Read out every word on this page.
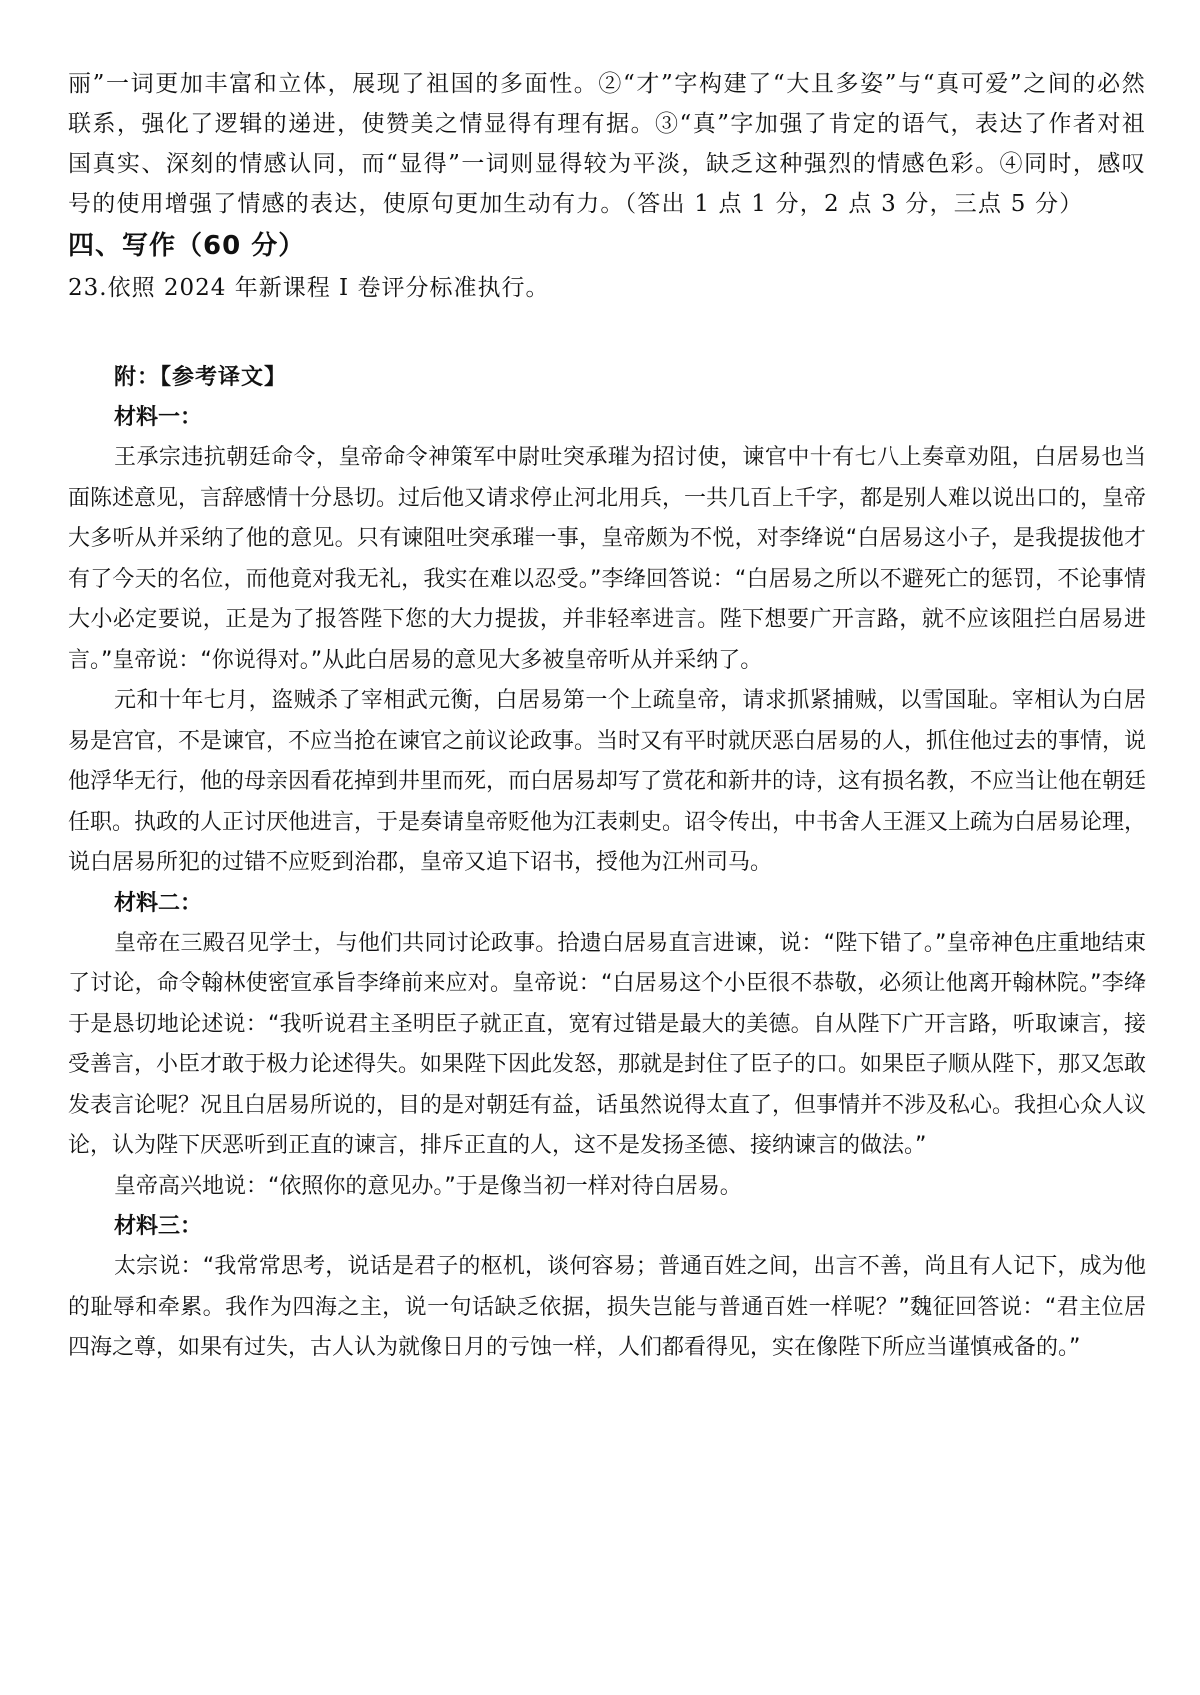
丽”一词更加丰富和立体，展现了祖国的多面性。②“才”字构建了“大且多姿”与“真可爱”之间的必然联系，强化了逻辑的递进，使赞美之情显得有理有据。③“真”字加强了肯定的语气，表达了作者对祖国真实、深刻的情感认同，而“显得”一词则显得较为平淡，缺乏这种强烈的情感色彩。④同时，感叹号的使用增强了情感的表达，使原句更加生动有力。（答出 1 点 1 分，2 点 3 分，三点 5 分）

四、写作（60 分）

23.依照 2024 年新课程 I 卷评分标准执行。

附：【参考译文】

材料一：

王承宗违抗朝廷命令，皇帝命令神策军中尉吐突承璀为招讨使，谏官中十有七八上奏章劝阻，白居易也当面陈述意见，言辞感情十分恳切。过后他又请求停止河北用兵，一共几百上千字，都是别人难以说出口的，皇帝大多听从并采纳了他的意见。只有谏阻吐突承璀一事，皇帝颇为不悦，对李绛说“白居易这小子，是我提拔他才有了今天的名位，而他竟对我无礼，我实在难以忍受。”李绛回答说：“白居易之所以不避死亡的惩罚，不论事情大小必定要说，正是为了报答陛下您的大力提拔，并非轻率进言。陛下想要广开言路，就不应该阻拦白居易进言。”皇帝说：“你说得对。”从此白居易的意见大多被皇帝听从并采纳了。

元和十年七月，盗贼杀了宰相武元衡，白居易第一个上疏皇帝，请求抓紧捕贼，以雪国耻。宰相认为白居易是宫官，不是谏官，不应当抢在谏官之前议论政事。当时又有平时就厌恶白居易的人，抓住他过去的事情，说他浮华无行，他的母亲因看花掉到井里而死，而白居易却写了赏花和新井的诗，这有损名教，不应当让他在朝廷任职。执政的人正讨厌他进言，于是奏请皇帝贬他为江表刺史。诏令传出，中书舍人王涯又上疏为白居易论理，说白居易所犯的过错不应贬到治郡，皇帝又追下诏书，授他为江州司马。

材料二：

皇帝在三殿召见学士，与他们共同讨论政事。拾遗白居易直言进谏，说：“陛下错了。”皇帝神色庄重地结束了讨论，命令翰林使密宣承旨李绛前来应对。皇帝说：“白居易这个小臣很不恭敬，必须让他离开翰林院。”李绛于是恳切地论述说：“我听说君主圣明臣子就正直，宽宥过错是最大的美德。自从陛下广开言路，听取谏言，接受善言，小臣才敢于极力论述得失。如果陛下因此发怒，那就是封住了臣子的口。如果臣子顺从陛下，那又怎敢发表言论呢？况且白居易所说的，目的是对朝廷有益，话虽然说得太直了，但事情并不涉及私心。我担心众人议论，认为陛下厌恶听到正直的谏言，排斥正直的人，这不是发扬圣德、接纳谏言的做法。”

皇帝高兴地说：“依照你的意见办。”于是像当初一样对待白居易。

材料三：

太宗说：“我常常思考，说话是君子的枢机，谈何容易；普通百姓之间，出言不善，尚且有人记下，成为他的耻辱和牵累。我作为四海之主，说一句话缺乏依据，损失岂能与普通百姓一样呢？”魏征回答说：“君主位居四海之尊，如果有过失，古人认为就像日月的亏蚀一样，人们都看得见，实在像陛下所应当谨慎戒备的。”
